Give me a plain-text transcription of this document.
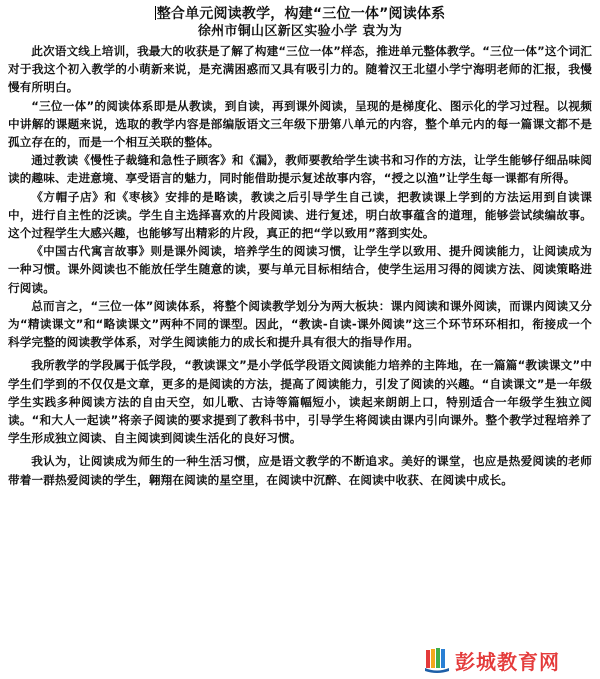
整合单元阅读教学，构建“三位一体”阅读体系

徐州市铜山区新区实验小学 袁为为

此次语文线上培训，我最大的收获是了解了构建“三位一体”样态，推进单元整体教学。“三位一体”这个词汇对于我这个初入教学的小萌新来说，是充满困惑而又具有吸引力的。随着汉王北望小学宁海明老师的汇报，我慢慢有所明白。

“三位一体”的阅读体系即是从教读，到自读，再到课外阅读，呈现的是梯度化、图示化的学习过程。以视频中讲解的课题来说，选取的教学内容是部编版语文三年级下册第八单元的内容，整个单元内的每一篇课文都不是孤立存在的，而是一个相互关联的整体。

通过教读《慢性子裁缝和急性子顾客》和《漏》，教师要教给学生读书和习作的方法，让学生能够仔细品味阅读的趣味、走进意境、享受语言的魅力，同时能借助提示复述故事内容，“授之以渔”让学生每一课都有所得。

《方帽子店》和《枣核》安排的是略读，教读之后引导学生自己读，把教读课上学到的方法运用到自读课中，进行自主性的泛读。学生自主选择喜欢的片段阅读、进行复述，明白故事蕴含的道理，能够尝试续编故事。这个过程学生大感兴趣，也能够写出精彩的片段，真正的把“学以致用”落到实处。

《中国古代寓言故事》则是课外阅读，培养学生的阅读习惯，让学生学以致用、提升阅读能力，让阅读成为一种习惯。课外阅读也不能放任学生随意的读，要与单元目标相结合，使学生运用习得的阅读方法、阅读策略进行阅读。

总而言之，“三位一体”阅读体系，将整个阅读教学划分为两大板块：课内阅读和课外阅读，而课内阅读又分为“精读课文”和“略读课文”两种不同的课型。因此，“教读-自读-课外阅读”这三个环节环环相扣，衔接成一个科学完整的阅读教学体系，对学生阅读能力的成长和提升具有很大的指导作用。

我所教学的学段属于低学段，“教读课文”是小学低学段语文阅读能力培养的主阵地，在一篇篇“教读课文”中学生们学到的不仅仅是文章，更多的是阅读的方法，提高了阅读能力，引发了阅读的兴趣。“自读课文”是一年级学生实践多种阅读方法的自由天空，如儿歌、古诗等篇幅短小，读起来朗朗上口，特别适合一年级学生独立阅读。“和大人一起读”将亲子阅读的要求提到了教科书中，引导学生将阅读由课内引向课外。整个教学过程培养了学生形成独立阅读、自主阅读到阅读生活化的良好习惯。

我认为，让阅读成为师生的一种生活习惯，应是语文教学的不断追求。美好的课堂，也应是热爱阅读的老师带着一群热爱阅读的学生，翱翔在阅读的星空里，在阅读中沉醉、在阅读中收获、在阅读中成长。

彭城教育网
